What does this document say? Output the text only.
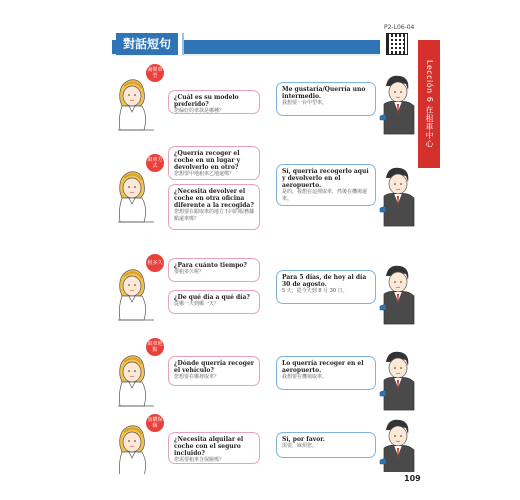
P2-L06-04
對話短句
Lección 6 在租車中心
詢問車型
¿Cuál es su modelo preferido?
您偏好的車款是哪種？
Me gustaría/Querría uno intermedio.
我想要一台中型車。
取車方式
¿Querría recoger el coche en un lugar y devolverlo en otro?
您想要甲地租車乙地還嗎？
¿Necesita devolver el coche en otra oficina diferente a la recogida?
您想要在跟取車的地方不同的服務據點還車嗎？
Sí, querría recogerlo aquí y devolverlo en el aeropuerto.
是的，我想在這裡取車，然後在機場還車。
租多久 ¿Para cuánto tiempo?
要租多久呢？
¿De qué día a qué día?
從哪一天到哪一天？
Para 5 días, de hoy al día 30 de agosto.
5 天，從今天到 8 月 30 日。
取車地點
¿Dónde querría recoger el vehículo?
您想要在哪裡取車？
Lo querría recoger en el aeropuerto.
我想要在機場取車。
加購保險
¿Necesita alquilar el coche con el seguro incluido?
您需要租車含保險嗎？
Sí, por favor.
需要，麻煩您。
109
